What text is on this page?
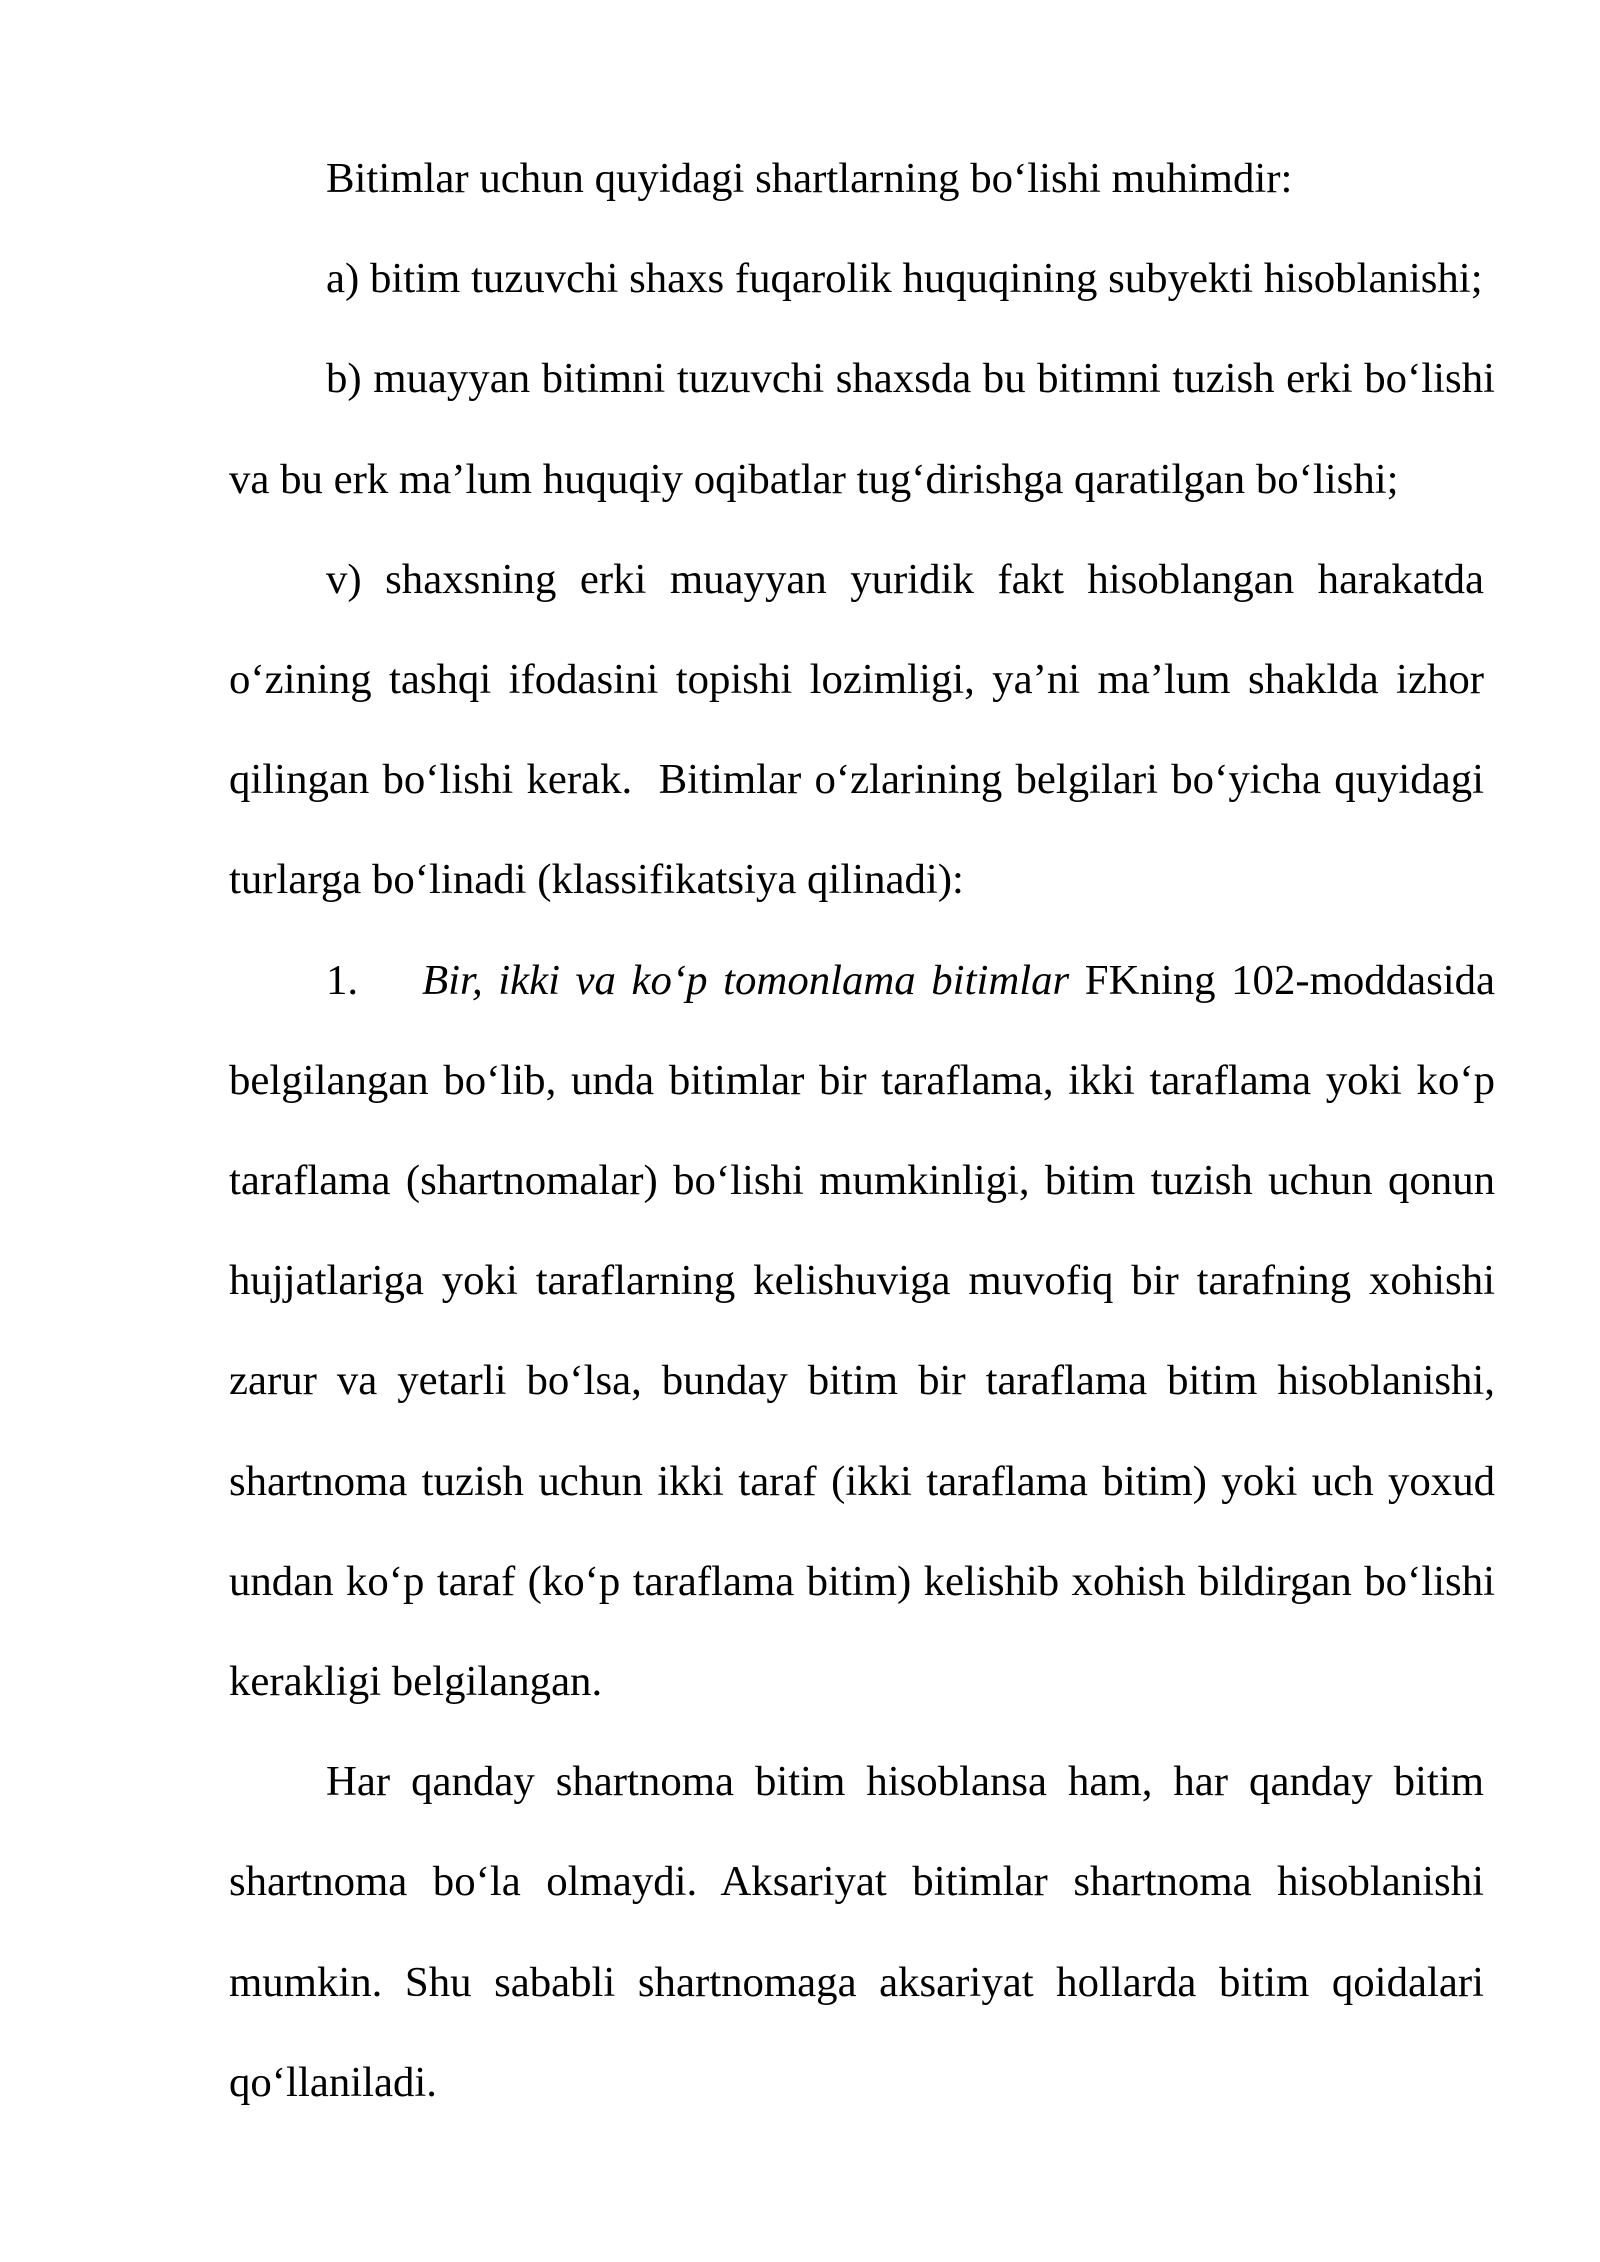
Bitimlar uchun quyidagi shartlarning bo‘lishi muhimdir:
a) bitim tuzuvchi shaxs fuqarolik huquqining subyekti hisoblanishi;
b) muayyan bitimni tuzuvchi shaxsda bu bitimni tuzish erki bo‘lishi
va bu erk ma’lum huquqiy oqibatlar tug‘dirishga qaratilgan bo‘lishi;
v) shaxsning erki muayyan yuridik fakt hisoblangan harakatda
o‘zining tashqi ifodasini topishi lozimligi, ya’ni ma’lum shaklda izhor
qilingan bo‘lishi kerak.  Bitimlar o‘zlarining belgilari bo‘yicha quyidagi
turlarga bo‘linadi (klassifikatsiya qilinadi):
1. Bir, ikki va ko‘p tomonlama bitimlar FKning 102-moddasida
belgilangan bo‘lib, unda bitimlar bir taraflama, ikki taraflama yoki ko‘p
taraflama (shartnomalar) bo‘lishi mumkinligi, bitim tuzish uchun qonun
hujjatlariga yoki taraflarning kelishuviga muvofiq bir tarafning xohishi
zarur va yetarli bo‘lsa, bunday bitim bir taraflama bitim hisoblanishi,
shartnoma tuzish uchun ikki taraf (ikki taraflama bitim) yoki uch yoxud
undan ko‘p taraf (ko‘p taraflama bitim) kelishib xohish bildirgan bo‘lishi
kerakligi belgilangan.
Har qanday shartnoma bitim hisoblansa ham, har qanday bitim
shartnoma bo‘la olmaydi. Aksariyat bitimlar shartnoma hisoblanishi
mumkin. Shu sababli shartnomaga aksariyat hollarda bitim qoidalari
qo‘llaniladi.
